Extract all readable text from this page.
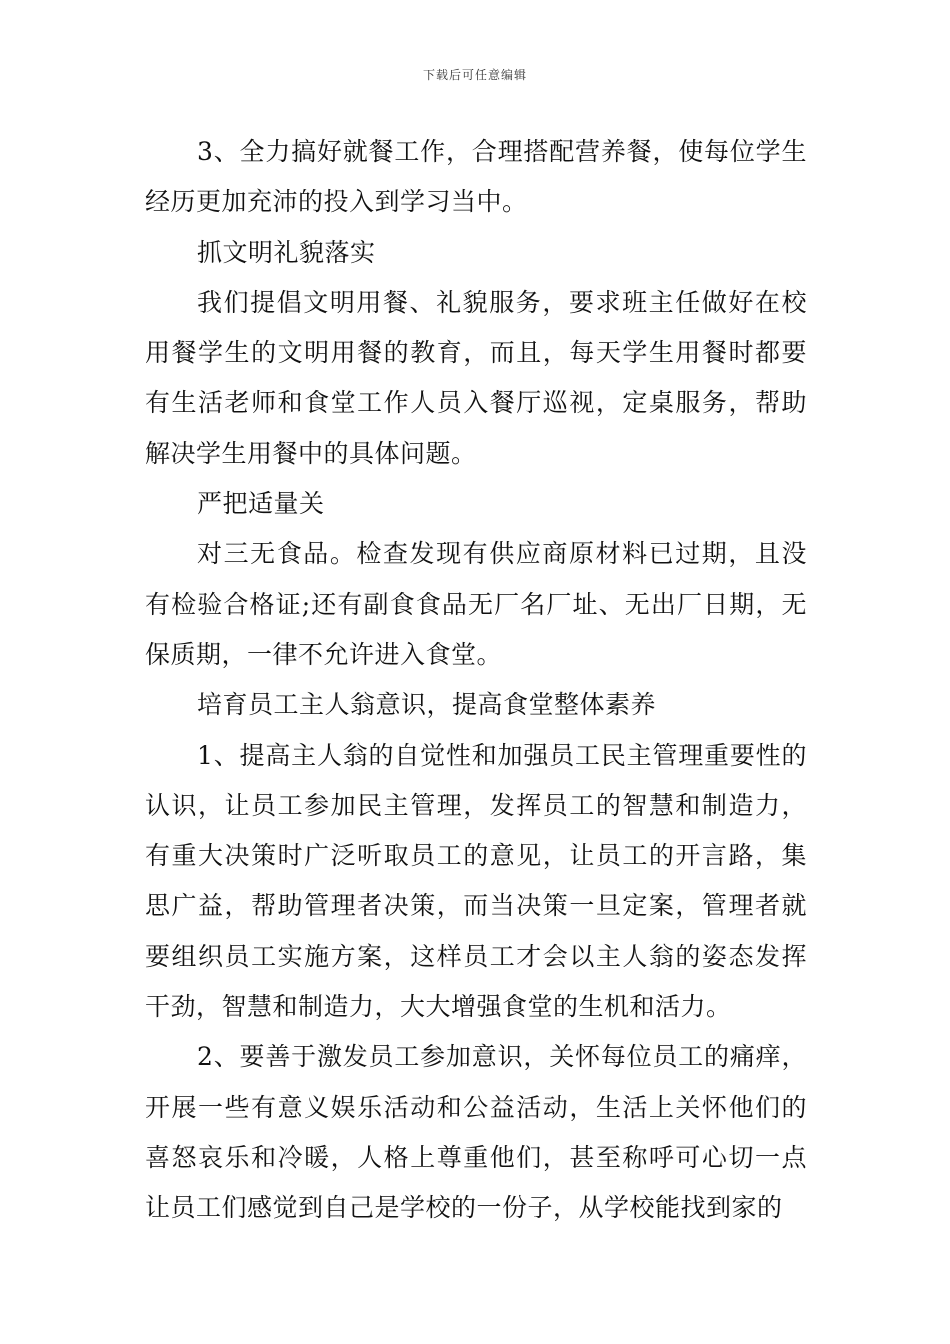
下载后可任意编辑

3、全力搞好就餐工作，合理搭配营养餐，使每位学生经历更加充沛的投入到学习当中。

抓文明礼貌落实

我们提倡文明用餐、礼貌服务，要求班主任做好在校用餐学生的文明用餐的教育，而且，每天学生用餐时都要有生活老师和食堂工作人员入餐厅巡视，定桌服务，帮助解决学生用餐中的具体问题。

严把适量关

对三无食品。检查发现有供应商原材料已过期，且没有检验合格证;还有副食食品无厂名厂址、无出厂日期，无保质期，一律不允许进入食堂。

培育员工主人翁意识，提高食堂整体素养

1、提高主人翁的自觉性和加强员工民主管理重要性的认识，让员工参加民主管理，发挥员工的智慧和制造力，有重大决策时广泛听取员工的意见，让员工的开言路，集思广益，帮助管理者决策，而当决策一旦定案，管理者就要组织员工实施方案，这样员工才会以主人翁的姿态发挥干劲，智慧和制造力，大大增强食堂的生机和活力。

2、要善于激发员工参加意识，关怀每位员工的痛痒，开展一些有意义娱乐活动和公益活动，生活上关怀他们的喜怒哀乐和冷暖，人格上尊重他们，甚至称呼可心切一点让员工们感觉到自己是学校的一份子，从学校能找到家的
